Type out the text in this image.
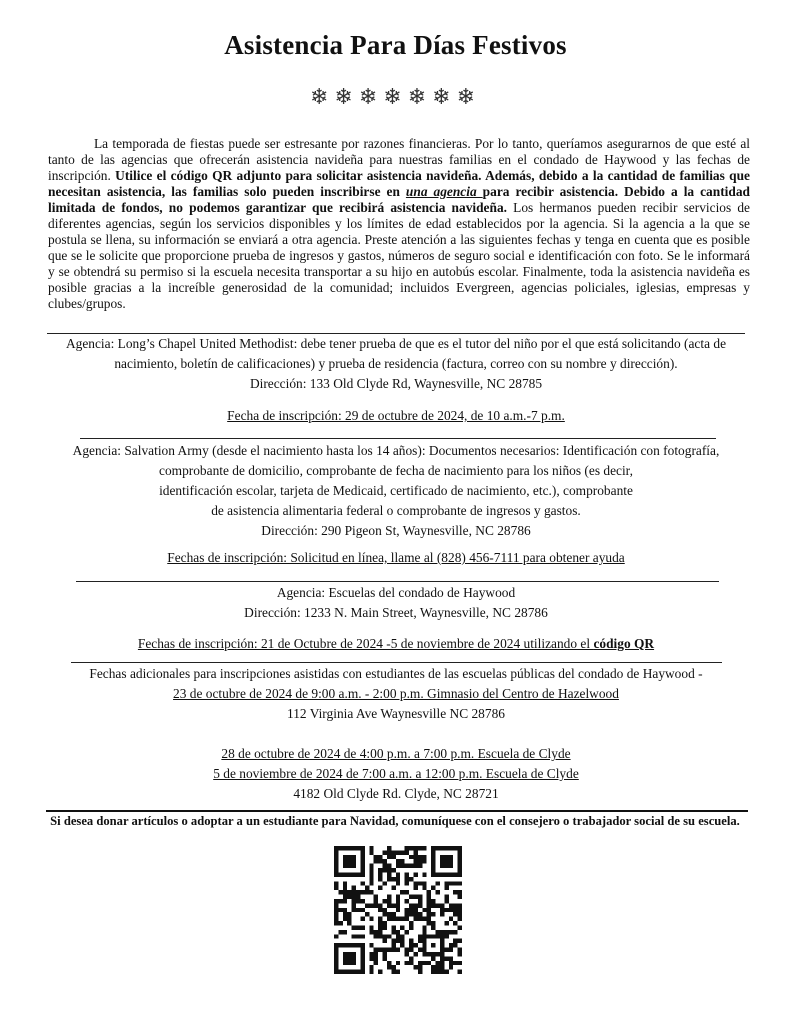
Asistencia Para Días Festivos
❄❄❄❄❄❄❄

La temporada de fiestas puede ser estresante por razones financieras. Por lo tanto, queríamos asegurarnos de que esté al tanto de las agencias que ofrecerán asistencia navideña para nuestras familias en el condado de Haywood y las fechas de inscripción. Utilice el código QR adjunto para solicitar asistencia navideña. Además, debido a la cantidad de familias que necesitan asistencia, las familias solo pueden inscribirse en una agencia para recibir asistencia. Debido a la cantidad limitada de fondos, no podemos garantizar que recibirá asistencia navideña. Los hermanos pueden recibir servicios de diferentes agencias, según los servicios disponibles y los límites de edad establecidos por la agencia. Si la agencia a la que se postula se llena, su información se enviará a otra agencia. Preste atención a las siguientes fechas y tenga en cuenta que es posible que se le solicite que proporcione prueba de ingresos y gastos, números de seguro social e identificación con foto. Se le informará y se obtendrá su permiso si la escuela necesita transportar a su hijo en autobús escolar. Finalmente, toda la asistencia navideña es posible gracias a la increíble generosidad de la comunidad; incluidos Evergreen, agencias policiales, iglesias, empresas y clubes/grupos.

Agencia: Long’s Chapel United Methodist: debe tener prueba de que es el tutor del niño por el que está solicitando (acta de
nacimiento, boletín de calificaciones) y prueba de residencia (factura, correo con su nombre y dirección).
Dirección: 133 Old Clyde Rd, Waynesville, NC 28785
Fecha de inscripción: 29 de octubre de 2024, de 10 a.m.-7 p.m.
Agencia: Salvation Army (desde el nacimiento hasta los 14 años): Documentos necesarios: Identificación con fotografía,
comprobante de domicilio, comprobante de fecha de nacimiento para los niños (es decir,
identificación escolar, tarjeta de Medicaid, certificado de nacimiento, etc.), comprobante
de asistencia alimentaria federal o comprobante de ingresos y gastos.
Dirección: 290 Pigeon St, Waynesville, NC 28786
Fechas de inscripción: Solicitud en línea, llame al (828) 456-7111 para obtener ayuda
Agencia: Escuelas del condado de Haywood
Dirección: 1233 N. Main Street, Waynesville, NC 28786
Fechas de inscripción: 21 de Octubre de 2024 -5 de noviembre de 2024 utilizando el código QR
Fechas adicionales para inscripciones asistidas con estudiantes de las escuelas públicas del condado de Haywood -
23 de octubre de 2024 de 9:00 a.m. - 2:00 p.m. Gimnasio del Centro de Hazelwood
112 Virginia Ave Waynesville NC 28786
28 de octubre de 2024 de 4:00 p.m. a 7:00 p.m. Escuela de Clyde
5 de noviembre de 2024 de 7:00 a.m. a 12:00 p.m. Escuela de Clyde
4182 Old Clyde Rd. Clyde, NC 28721
Si desea donar artículos o adoptar a un estudiante para Navidad, comuníquese con el consejero o trabajador social de su escuela.
